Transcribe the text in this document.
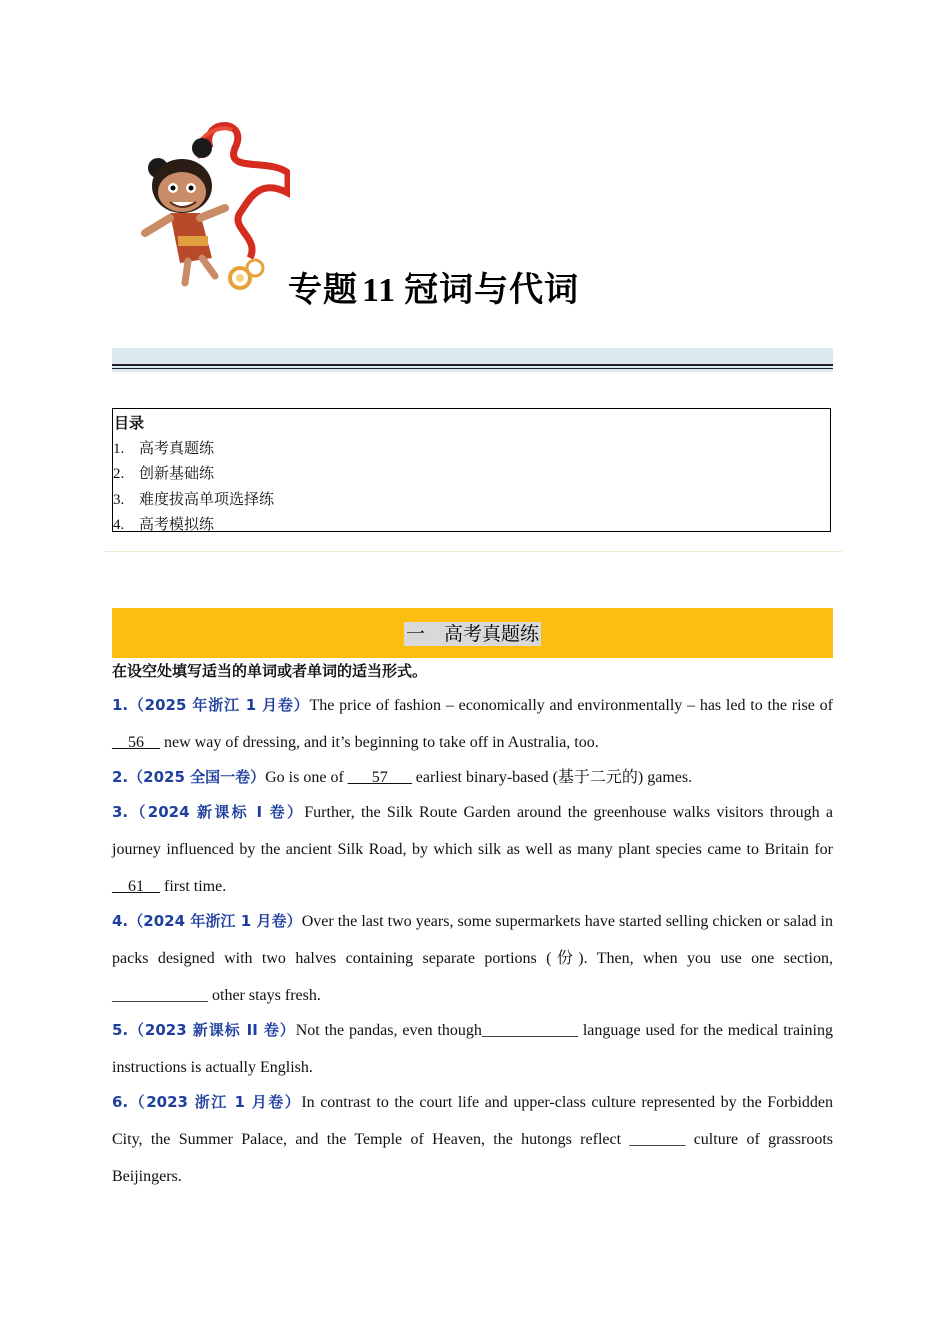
专题 11 冠词与代词
目录
1. 高考真题练
2. 创新基础练
3. 难度拔高单项选择练
4. 高考模拟练
一　高考真题练
在设空处填写适当的单词或者单词的适当形式。
1.（2025 年浙江 1 月卷）The price of fashion – economically and environmentally – has led to the rise of __56__ new way of dressing, and it’s beginning to take off in Australia, too.
2.（2025 全国一卷）Go is one of ___57___ earliest binary-based (基于二元的) games.
3.（2024 新课标 I 卷）Further, the Silk Route Garden around the greenhouse walks visitors through a journey influenced by the ancient Silk Road, by which silk as well as many plant species came to Britain for __61__ first time.
4.（2024 年浙江 1 月卷）Over the last two years, some supermarkets have started selling chicken or salad in packs designed with two halves containing separate portions (份). Then, when you use one section, ____________ other stays fresh.
5.（2023 新课标 II 卷）Not the pandas, even though____________ language used for the medical training instructions is actually English.
6.（2023 浙江 1 月卷）In contrast to the court life and upper-class culture represented by the Forbidden City, the Summer Palace, and the Temple of Heaven, the hutongs reflect _______ culture of grassroots Beijingers.
